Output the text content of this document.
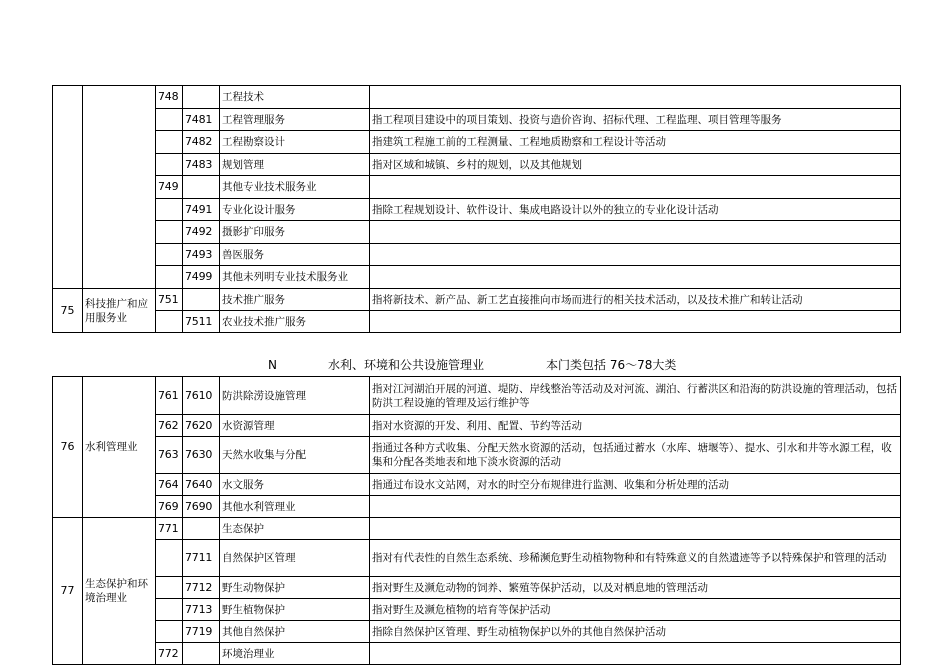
		748		工程技术	
			7481	工程管理服务	指工程项目建设中的项目策划、投资与造价咨询、招标代理、工程监理、项目管理等服务
			7482	工程勘察设计	指建筑工程施工前的工程测量、工程地质勘察和工程设计等活动
			7483	规划管理	指对区域和城镇、乡村的规划，以及其他规划
		749		其他专业技术服务业	
			7491	专业化设计服务	指除工程规划设计、软件设计、集成电路设计以外的独立的专业化设计活动
			7492	摄影扩印服务	
			7493	兽医服务	
			7499	其他未列明专业技术服务业	
75	科技推广和应用服务业	751		技术推广服务	指将新技术、新产品、新工艺直接推向市场而进行的相关技术活动，以及技术推广和转让活动
			7511	农业技术推广服务	
N	水利、环境和公共设施管理业	本门类包括 76～78大类
76	水利管理业	761	7610	防洪除涝设施管理	指对江河湖泊开展的河道、堤防、岸线整治等活动及对河流、湖泊、行蓄洪区和沿海的防洪设施的管理活动，包括防洪工程设施的管理及运行维护等
		762	7620	水资源管理	指对水资源的开发、利用、配置、节约等活动
		763	7630	天然水收集与分配	指通过各种方式收集、分配天然水资源的活动，包括通过蓄水（水库、塘堰等）、提水、引水和井等水源工程，收集和分配各类地表和地下淡水资源的活动
		764	7640	水文服务	指通过布设水文站网，对水的时空分布规律进行监测、收集和分析处理的活动
		769	7690	其他水利管理业	
77	生态保护和环境治理业	771		生态保护	
			7711	自然保护区管理	指对有代表性的自然生态系统、珍稀濒危野生动植物物种和有特殊意义的自然遗迹等予以特殊保护和管理的活动
			7712	野生动物保护	指对野生及濒危动物的饲养、繁殖等保护活动，以及对栖息地的管理活动
			7713	野生植物保护	指对野生及濒危植物的培育等保护活动
			7719	其他自然保护	指除自然保护区管理、野生动植物保护以外的其他自然保护活动
		772		环境治理业	
